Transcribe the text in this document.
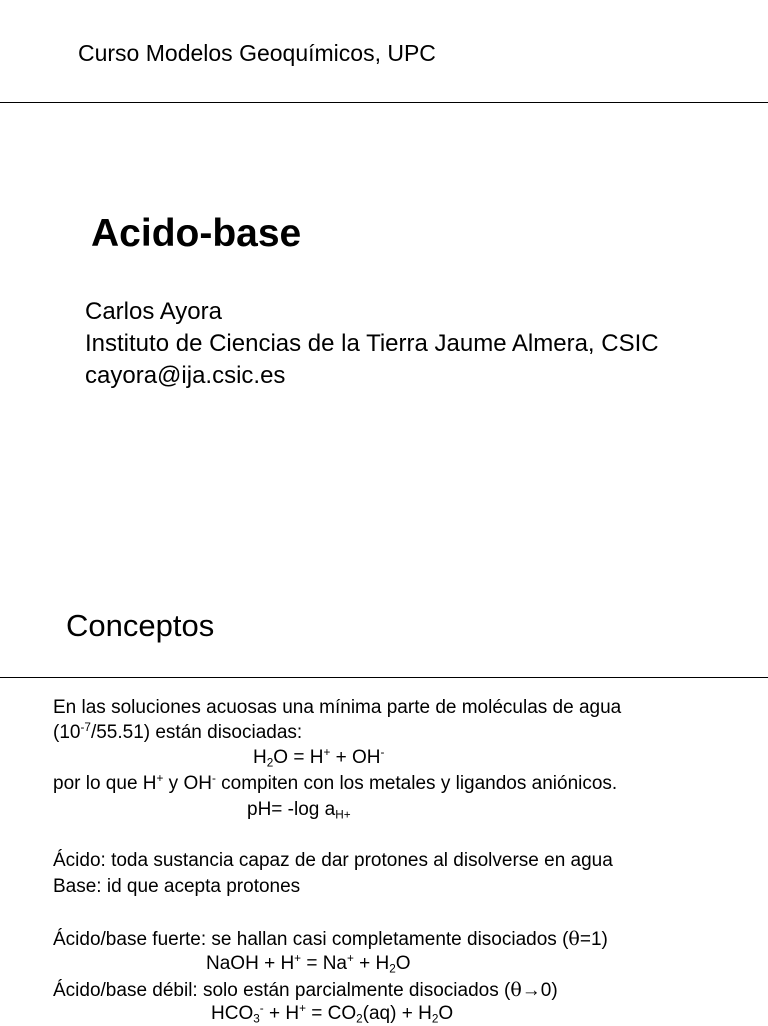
Curso Modelos Geoquímicos, UPC
Acido-base
Carlos Ayora
Instituto de Ciencias de la Tierra Jaume Almera, CSIC
cayora@ija.csic.es
Conceptos
En las soluciones acuosas una mínima parte de moléculas de agua
$(10^{-7}/55.51)$ están disociadas:
$H_2O = H^+ + OH^-$
por lo que H+ y OH- compiten con los metales y ligandos aniónicos.
pH= -log $a_{H+}$
Ácido: toda sustancia capaz de dar protones al disolverse en agua
Base: id que acepta protones
Ácido/base fuerte: se hallan casi completamente disociados (θ=1)
NaOH + $H^+ = Na^+ + H_2O$
Ácido/base débil: solo están parcialmente disociados (θ→0)
$HCO_3^- + H^+ = CO_2(aq) + H_2O$
